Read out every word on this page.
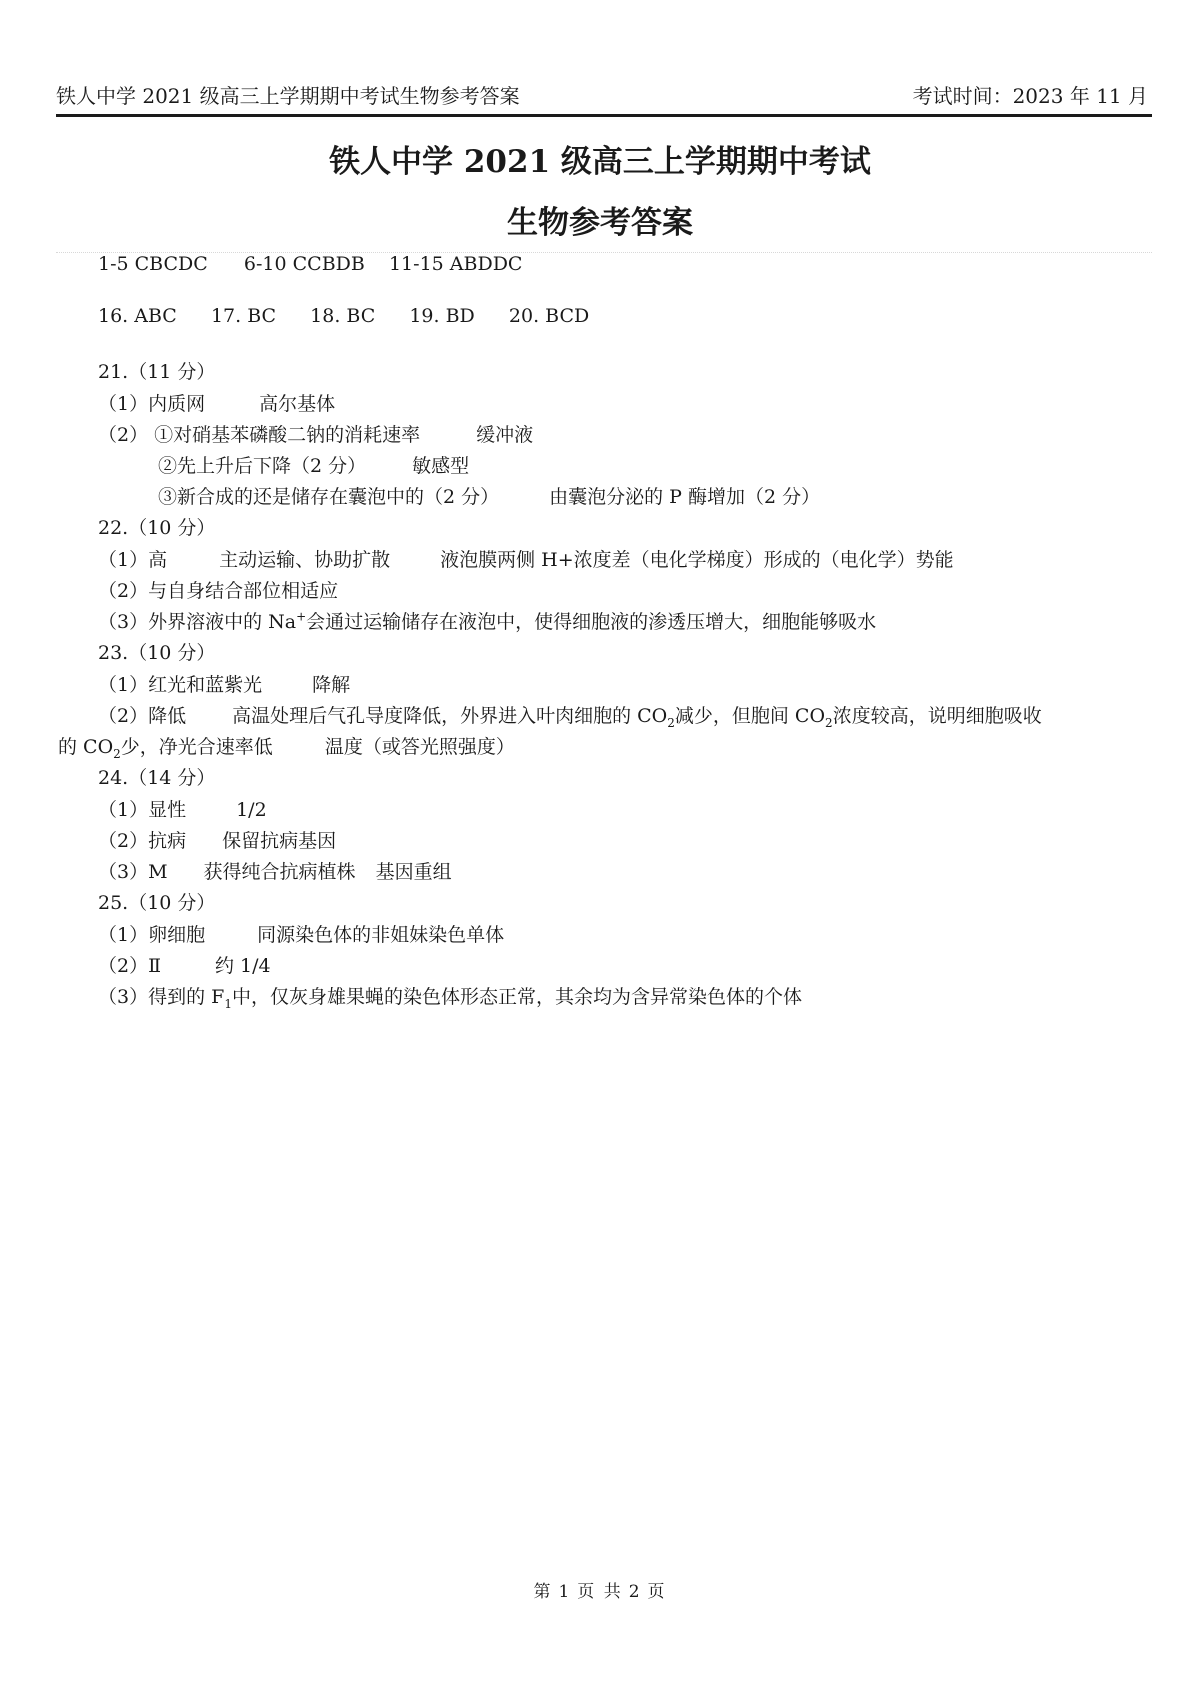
铁人中学 2021 级高三上学期期中考试生物参考答案	考试时间：2023 年 11 月
铁人中学 2021 级高三上学期期中考试
生物参考答案
1-5 CBCDC 6-10 CCBDB 11-15 ABDDC
16. ABC 17. BC 18. BC 19. BD 20. BCD
21.（11 分）
（1）内质网	高尔基体
（2） ①对硝基苯磷酸二钠的消耗速率	缓冲液
②先上升后下降（2 分） 敏感型
③新合成的还是储存在囊泡中的（2 分）	由囊泡分泌的 P 酶增加（2 分）
22.（10 分）
（1）高	主动运输、协助扩散	液泡膜两侧 H+浓度差（电化学梯度）形成的（电化学）势能
（2）与自身结合部位相适应
（3）外界溶液中的 Na+会通过运输储存在液泡中，使得细胞液的渗透压增大，细胞能够吸水
23.（10 分）
（1）红光和蓝紫光	降解
（2）降低 高温处理后气孔导度降低，外界进入叶肉细胞的 $CO_2$减少，但胞间 $CO_2$浓度较高，说明细胞吸收
的 $CO_2$少，净光合速率低	温度（或答光照强度）
24.（14 分）
（1）显性	1/2
（2）抗病 保留抗病基因
（3）M 获得纯合抗病植株 基因重组
25.（10 分）
（1）卵细胞	同源染色体的非姐妹染色单体
（2）Ⅱ	约 1/4
（3）得到的 $F_1$中，仅灰身雄果蝇的染色体形态正常，其余均为含异常染色体的个体
第 1 页 共 2 页
